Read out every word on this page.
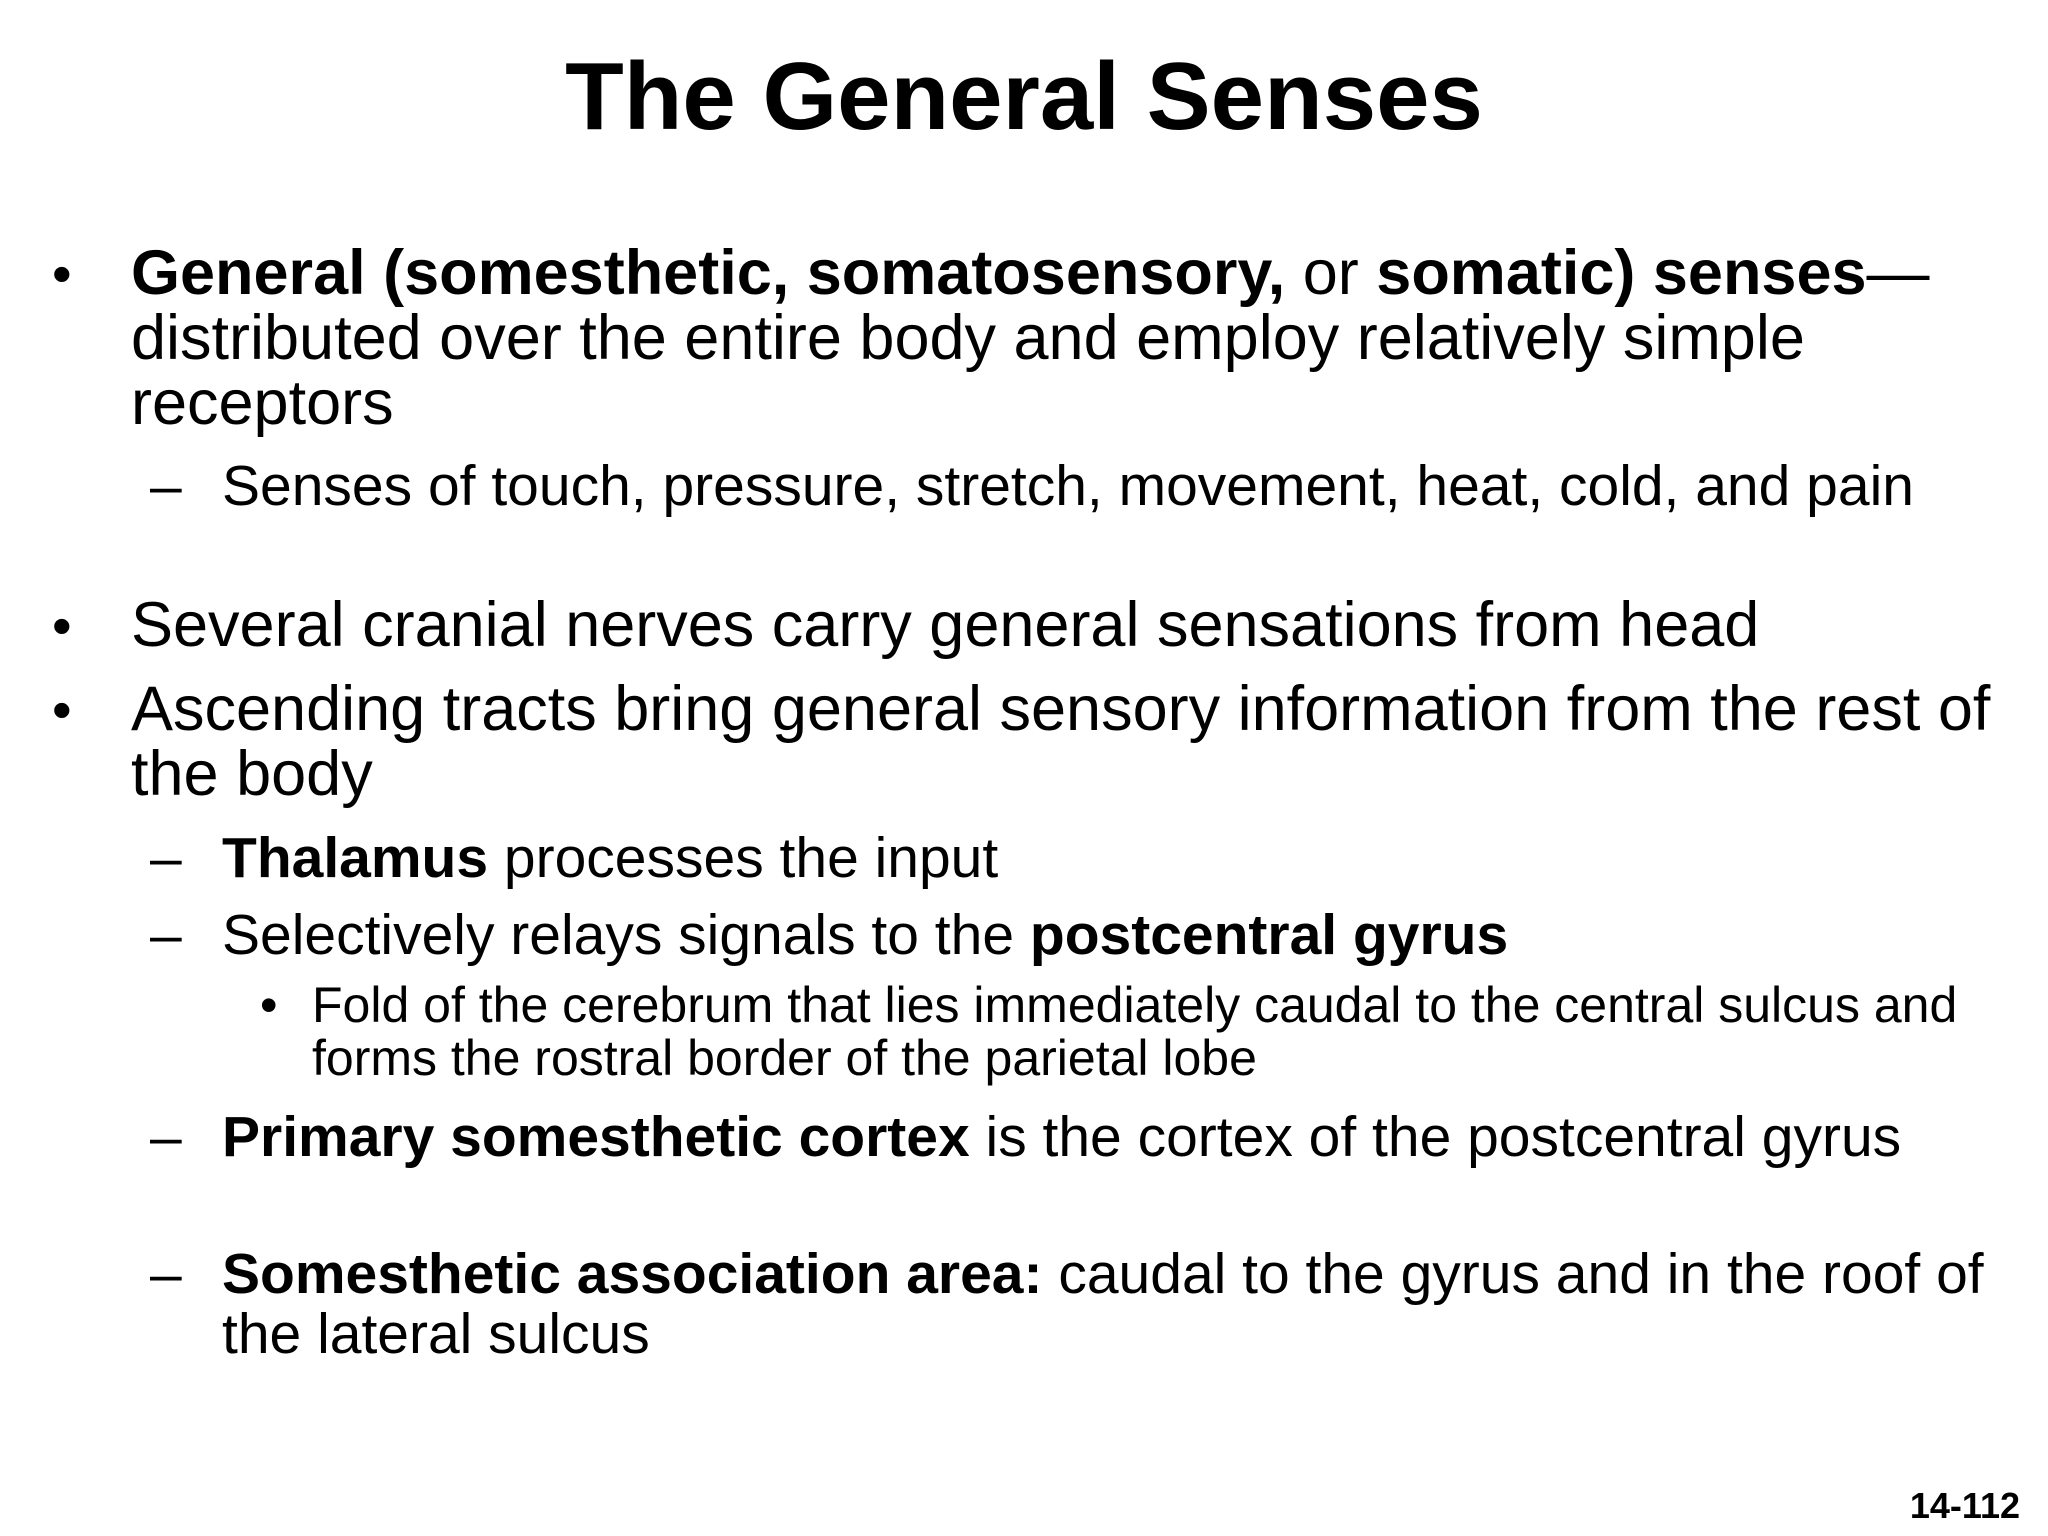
The General Senses
• General (somesthetic, somatosensory, or somatic) senses—distributed over the entire body and employ relatively simple receptors
– Senses of touch, pressure, stretch, movement, heat, cold, and pain
• Several cranial nerves carry general sensations from head
• Ascending tracts bring general sensory information from the rest of the body
– Thalamus processes the input
– Selectively relays signals to the postcentral gyrus
• Fold of the cerebrum that lies immediately caudal to the central sulcus and forms the rostral border of the parietal lobe
– Primary somesthetic cortex is the cortex of the postcentral gyrus
– Somesthetic association area: caudal to the gyrus and in the roof of the lateral sulcus
14-112
